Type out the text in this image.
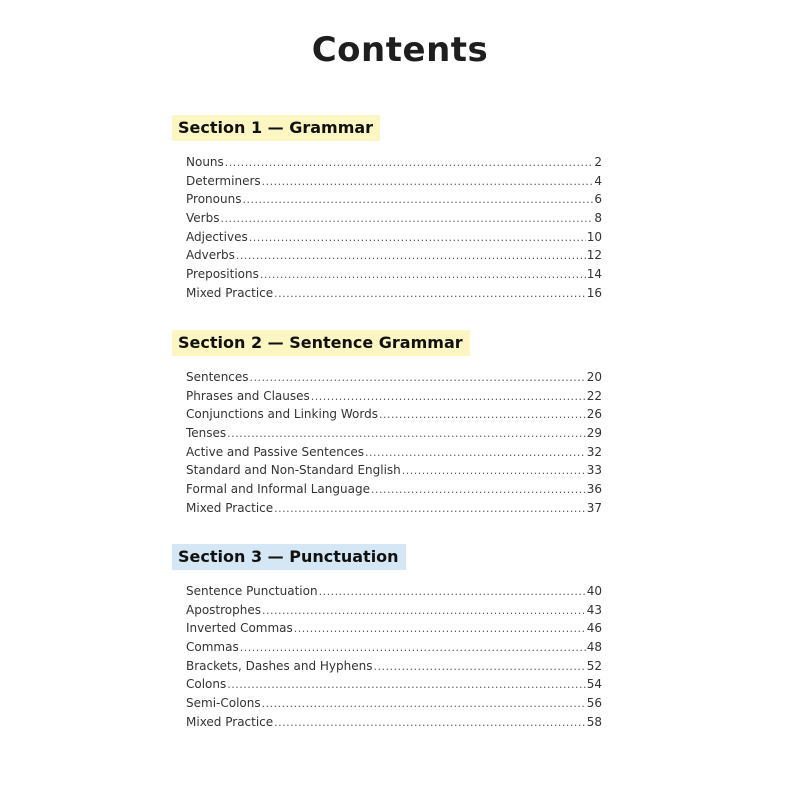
Contents
Section 1 — Grammar
Nouns .....	2
Determiners .....	4
Pronouns .....	6
Verbs .....	8
Adjectives .....	10
Adverbs .....	12
Prepositions .....	14
Mixed Practice .....	16
Section 2 — Sentence Grammar
Sentences .....	20
Phrases and Clauses .....	22
Conjunctions and Linking Words .....	26
Tenses .....	29
Active and Passive Sentences .....	32
Standard and Non-Standard English .....	33
Formal and Informal Language .....	36
Mixed Practice .....	37
Section 3 — Punctuation
Sentence Punctuation .....	40
Apostrophes .....	43
Inverted Commas .....	46
Commas .....	48
Brackets, Dashes and Hyphens .....	52
Colons .....	54
Semi-Colons .....	56
Mixed Practice .....	58
